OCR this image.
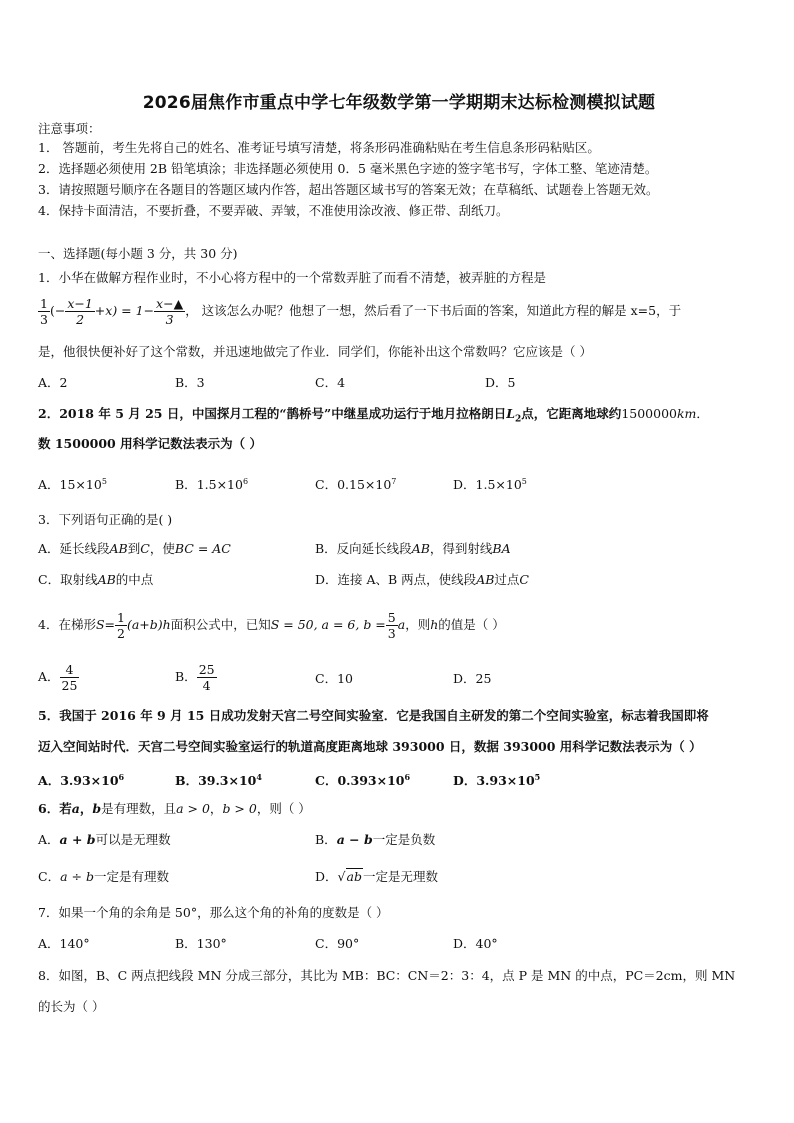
2026届焦作市重点中学七年级数学第一学期期末达标检测模拟试题
注意事项：
1． 答题前，考生先将自己的姓名、准考证号填写清楚，将条形码准确粘贴在考生信息条形码粘贴区。
2．选择题必须使用 2B 铅笔填涂；非选择题必须使用 0．5 毫米黑色字迹的签字笔书写，字体工整、笔迹清楚。
3．请按照题号顺序在各题目的答题区域内作答，超出答题区域书写的答案无效；在草稿纸、试题卷上答题无效。
4．保持卡面清洁，不要折叠，不要弄破、弄皱，不准使用涂改液、修正带、刮纸刀。
一、选择题(每小题 3 分，共 30 分)
1．小华在做解方程作业时，不小心将方程中的一个常数弄脏了而看不清楚，被弄脏的方程是
$\frac{1}{3}$ (− $\frac{x-1}{2} +x) = 1- \frac{x-▲}{3}$ ， 这该怎么办呢？他想了一想，然后看了一下书后面的答案，知道此方程的解是 x=5，于
是，他很快便补好了这个常数，并迅速地做完了作业．同学们，你能补出这个常数吗？它应该是（ ）
A．2	B．3	C．4	D．5
2．2018 年 5 月 25 日，中国探月工程的“鹊桥号”中继星成功运行于地月拉格朗日$L_2$点，它距离地球约1500000km．
数 1500000 用科学记数法表示为（ ）
A．$15\times 10^5$	B．$1.5\times 10^6$	C．$0.15\times 10^7$	D．$1.5\times 10^5$
3．下列语句正确的是( )
A．延长线段AB到C，使BC = AC	B．反向延长线段AB，得到射线BA
C．取射线AB的中点	D．连接 A、B 两点，使线段AB过点C
4．在梯形$S= \frac{1}{2} (a+b)h$面积公式中，已知S = 50, a = 6, $b = \frac{5}{3}$ a，则h的值是（ ）
A． $\frac{4}{25}$	B． $\frac{25}{4}$	C．10	D．25
5．我国于 2016 年 9 月 15 日成功发射天宫二号空间实验室．它是我国自主研发的第二个空间实验室，标志着我国即将
迈入空间站时代．天宫二号空间实验室运行的轨道高度距离地球 393000 日，数据 393000 用科学记数法表示为（ ）
A．$3.93\times 10^6$	B．$39.3\times 10^4$	C．$0.393\times 10^6$	D．$3.93\times 10^5$
6．若a，b是有理数，且a > 0，b > 0，则（ ）
A．a + b可以是无理数	B．a − b一定是负数
C．a ÷ b一定是有理数	D．√ab一定是无理数
7．如果一个角的余角是 50°，那么这个角的补角的度数是（ ）
A．140°	B．130°	C．90°	D．40°
8．如图，B、C 两点把线段 MN 分成三部分，其比为 MB：BC：CN＝2：3：4，点 P 是 MN 的中点，PC＝2cm，则 MN
的长为（ ）
